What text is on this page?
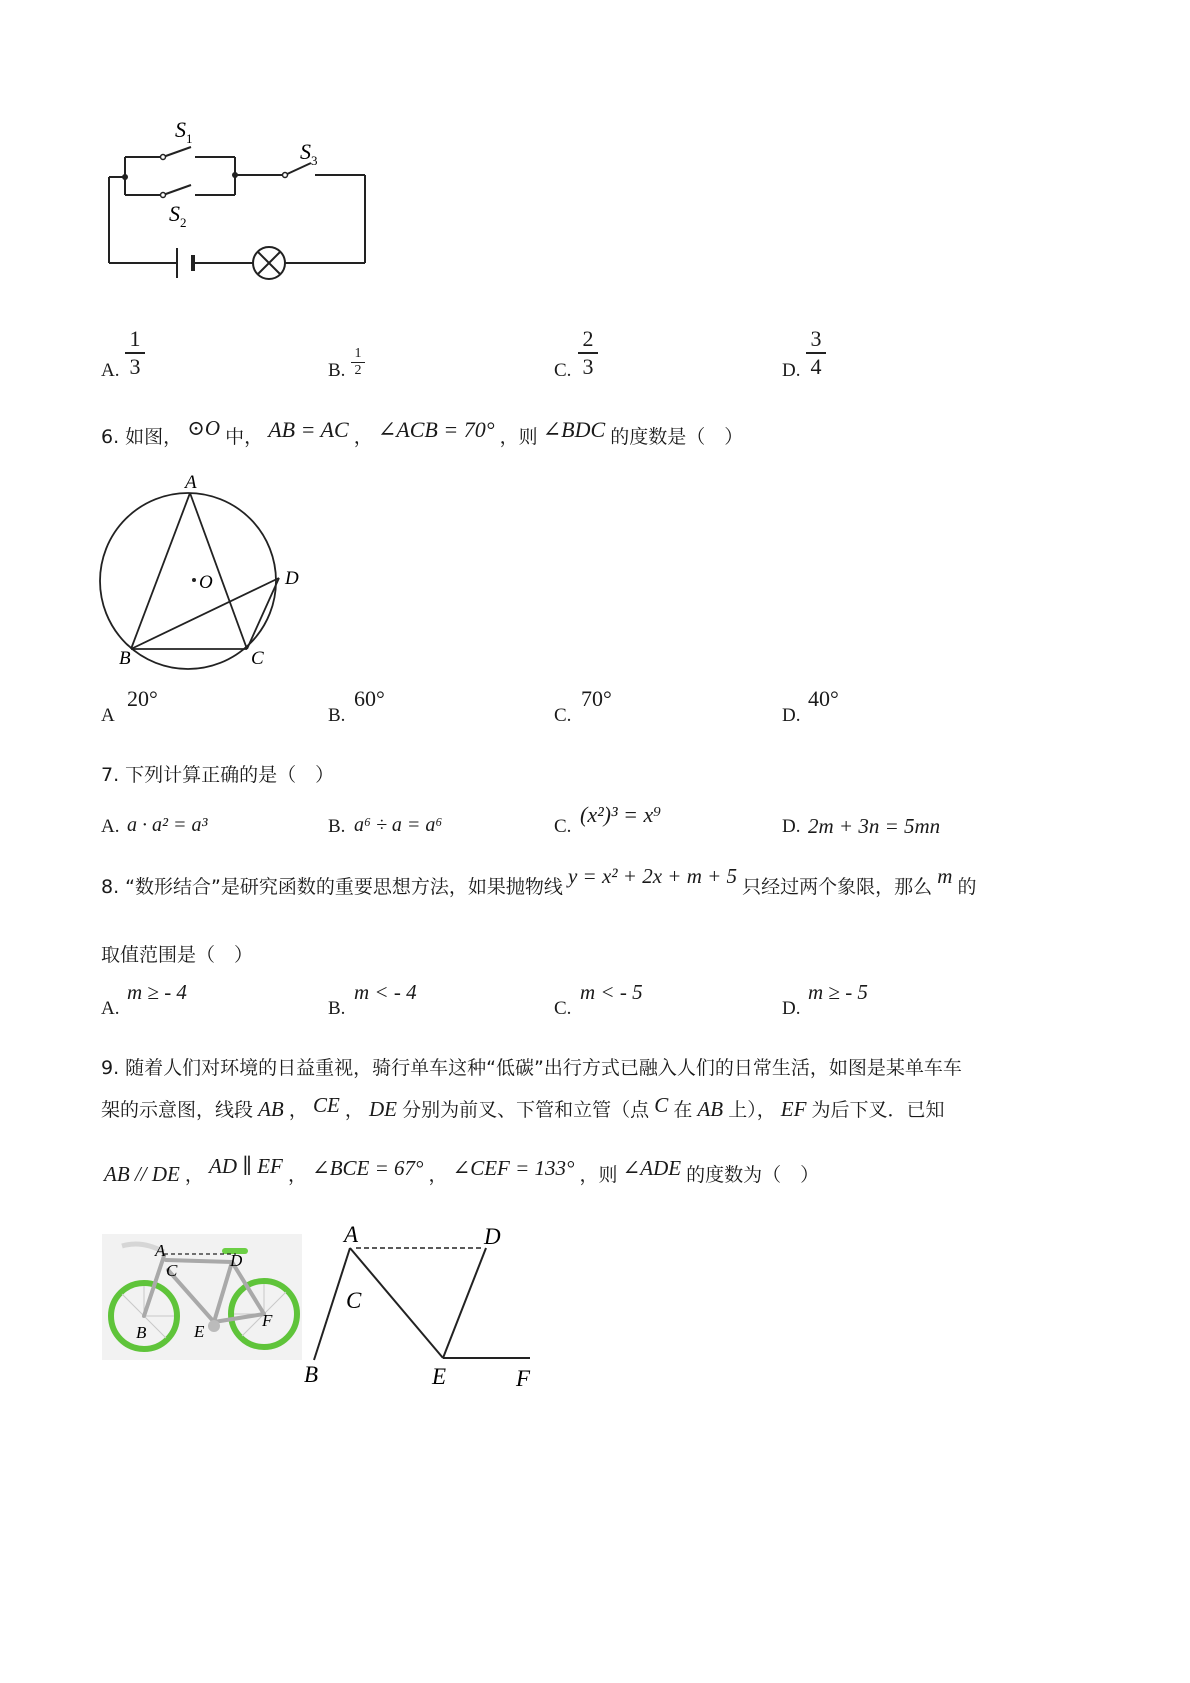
$S_1$
$S_2$
$S_3$
A.
1
3	B.
1
2	C.
2
3	D.
3
4
6. 如图， ⊙O 中， AB = AC ， ∠ACB = 70° ，则 ∠BDC 的度数是（　）
A
O	D
B	C
A
20°
B.
60°
C.
70°
D.
40°
7. 下列计算正确的是（　）
A. a · a² = a³	B. a⁶ ÷ a = a⁶	C. (x²)³ = x⁹	D. 2m + 3n = 5mn
8. “数形结合”是研究函数的重要思想方法，如果抛物线 y = x² + 2x + m + 5 只经过两个象限，那么 m 的
取值范围是（　）
A.
m ≥ - 4
B.
m < - 4
C.
m < - 5
D.
m ≥ - 5
9. 随着人们对环境的日益重视，骑行单车这种“低碳”出行方式已融入人们的日常生活，如图是某单车车
架的示意图，线段 AB ， CE ， DE 分别为前叉、下管和立管（点 C 在 AB 上）， EF 为后下叉．已知
AB // DE ， AD ∥ EF ， ∠BCE = 67° ， ∠CEF = 133° ，则 ∠ADE 的度数为（　）
A
C
D
B	E
F
A	D
C
B	E	F
